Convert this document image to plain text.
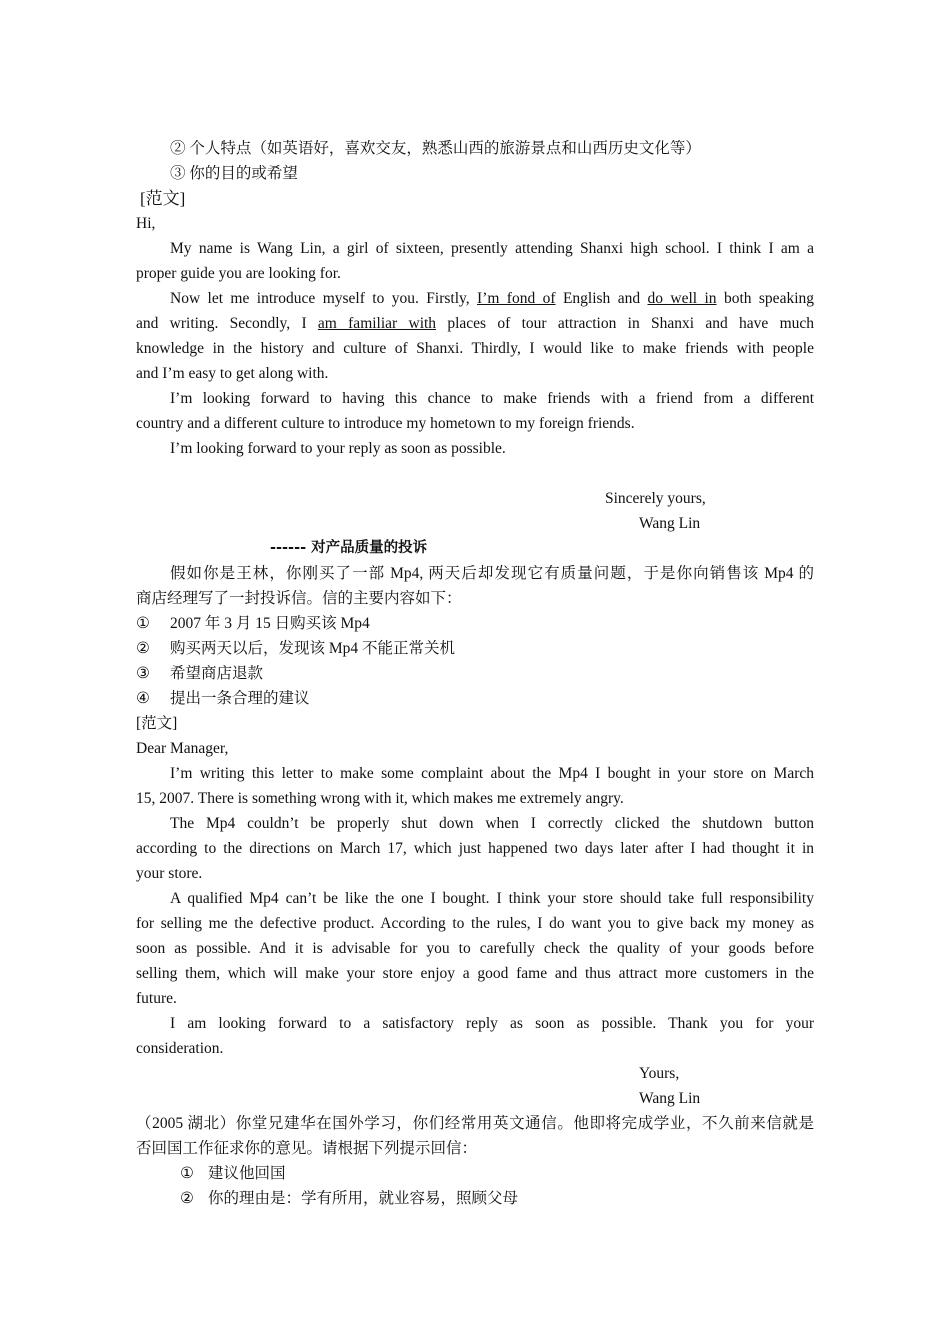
② 个人特点（如英语好，喜欢交友，熟悉山西的旅游景点和山西历史文化等）
③ 你的目的或希望
[范文]
Hi,
My name is Wang Lin, a girl of sixteen, presently attending Shanxi high school. I think I am a
proper guide you are looking for.
Now let me introduce myself to you. Firstly, I’m fond of English and do well in both speaking
and writing. Secondly, I am familiar with places of tour attraction in Shanxi and have much
knowledge in the history and culture of Shanxi. Thirdly, I would like to make friends with people
and I’m easy to get along with.
I’m looking forward to having this chance to make friends with a friend from a different
country and a different culture to introduce my hometown to my foreign friends.
I’m looking forward to your reply as soon as possible.
Sincerely yours,
Wang Lin
------ 对产品质量的投诉
假如你是王林，你刚买了一部 Mp4, 两天后却发现它有质量问题，于是你向销售该 Mp4 的
商店经理写了一封投诉信。信的主要内容如下：
① 2007 年 3 月 15 日购买该 Mp4
② 购买两天以后，发现该 Mp4 不能正常关机
③ 希望商店退款
④ 提出一条合理的建议
[范文]
Dear Manager,
I’m writing this letter to make some complaint about the Mp4 I bought in your store on March
15, 2007. There is something wrong with it, which makes me extremely angry.
The Mp4 couldn’t be properly shut down when I correctly clicked the shutdown button
according to the directions on March 17, which just happened two days later after I had thought it in
your store.
A qualified Mp4 can’t be like the one I bought. I think your store should take full responsibility
for selling me the defective product. According to the rules, I do want you to give back my money as
soon as possible. And it is advisable for you to carefully check the quality of your goods before
selling them, which will make your store enjoy a good fame and thus attract more customers in the
future.
I am looking forward to a satisfactory reply as soon as possible. Thank you for your
consideration.
Yours,
Wang Lin
（2005 湖北）你堂兄建华在国外学习，你们经常用英文通信。他即将完成学业，不久前来信就是
否回国工作征求你的意见。请根据下列提示回信：
① 建议他回国
② 你的理由是：学有所用，就业容易，照顾父母
